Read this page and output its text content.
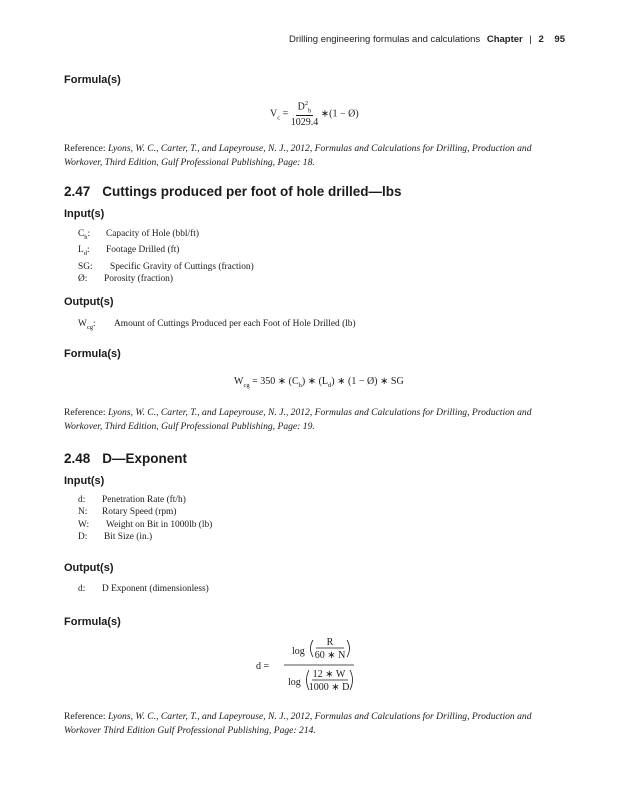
Drilling engineering formulas and calculations Chapter | 2 95
Formula(s)
$V_c = \frac{D^2_b}{1029.4}$ ∗(1 − Ø)

Reference: Lyons, W. C., Carter, T., and Lapeyrouse, N. J., 2012, Formulas and Calculations for Drilling, Production and Workover, Third Edition, Gulf Professional Publishing, Page: 18.

2.47 Cuttings produced per foot of hole drilled—lbs
Input(s)
$C_h$: Capacity of Hole (bbl/ft)
$L_d$: Footage Drilled (ft)
SG: Specific Gravity of Cuttings (fraction)
Ø: Porosity (fraction)
Output(s)
$W_{cg}$: Amount of Cuttings Produced per each Foot of Hole Drilled (lb)
Formula(s)
$W_{cg} = 350$ ∗ $(C_h)$ ∗ $(L_d)$ ∗ (1 − Ø) ∗ SG

Reference: Lyons, W. C., Carter, T., and Lapeyrouse, N. J., 2012, Formulas and Calculations for Drilling, Production and Workover, Third Edition, Gulf Professional Publishing, Page: 19.

2.48 D—Exponent
Input(s)
d: Penetration Rate (ft/h)
N: Rotary Speed (rpm)
W: Weight on Bit in 1000lb (lb)
D: Bit Size (in.)
Output(s)
d: D Exponent (dimensionless)
Formula(s)
d =
log
R
60 ∗ N
log
12 ∗ W
1000 ∗ D

Reference: Lyons, W. C., Carter, T., and Lapeyrouse, N. J., 2012, Formulas and Calculations for Drilling, Production and Workover Third Edition Gulf Professional Publishing, Page: 214.
